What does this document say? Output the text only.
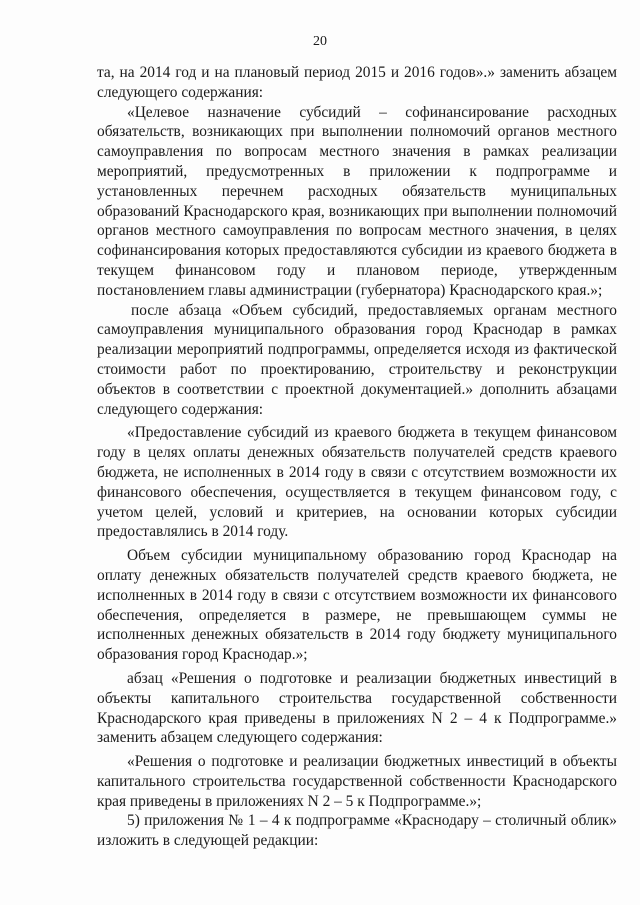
20

та, на 2014 год и на плановый период 2015 и 2016 годов».» заменить абзацем следующего содержания:

«Целевое назначение субсидий – софинансирование расходных обязательств, возникающих при выполнении полномочий органов местного самоуправления по вопросам местного значения в рамках реализации мероприятий, предусмотренных в приложении к подпрограмме и установленных перечнем расходных обязательств муниципальных образований Краснодарского края, возникающих при выполнении полномочий органов местного самоуправления по вопросам местного значения, в целях софинансирования которых предоставляются субсидии из краевого бюджета в текущем финансовом году и плановом периоде, утвержденным постановлением главы администрации (губернатора) Краснодарского края.»;

после абзаца «Объем субсидий, предоставляемых органам местного самоуправления муниципального образования город Краснодар в рамках реализации мероприятий подпрограммы, определяется исходя из фактической стоимости работ по проектированию, строительству и реконструкции объектов в соответствии с проектной документацией.» дополнить абзацами следующего содержания:

«Предоставление субсидий из краевого бюджета в текущем финансовом году в целях оплаты денежных обязательств получателей средств краевого бюджета, не исполненных в 2014 году в связи с отсутствием возможности их финансового обеспечения, осуществляется в текущем финансовом году, с учетом целей, условий и критериев, на основании которых субсидии предоставлялись в 2014 году.

Объем субсидии муниципальному образованию город Краснодар на оплату денежных обязательств получателей средств краевого бюджета, не исполненных в 2014 году в связи с отсутствием возможности их финансового обеспечения, определяется в размере, не превышающем суммы не исполненных денежных обязательств в 2014 году бюджету муниципального образования город Краснодар.»;

абзац «Решения о подготовке и реализации бюджетных инвестиций в объекты капитального строительства государственной собственности Краснодарского края приведены в приложениях N 2 – 4 к Подпрограмме.» заменить абзацем следующего содержания:

«Решения о подготовке и реализации бюджетных инвестиций в объекты капитального строительства государственной собственности Краснодарского края приведены в приложениях N 2 – 5 к Подпрограмме.»;

5) приложения № 1 – 4 к подпрограмме «Краснодару – столичный облик» изложить в следующей редакции:
